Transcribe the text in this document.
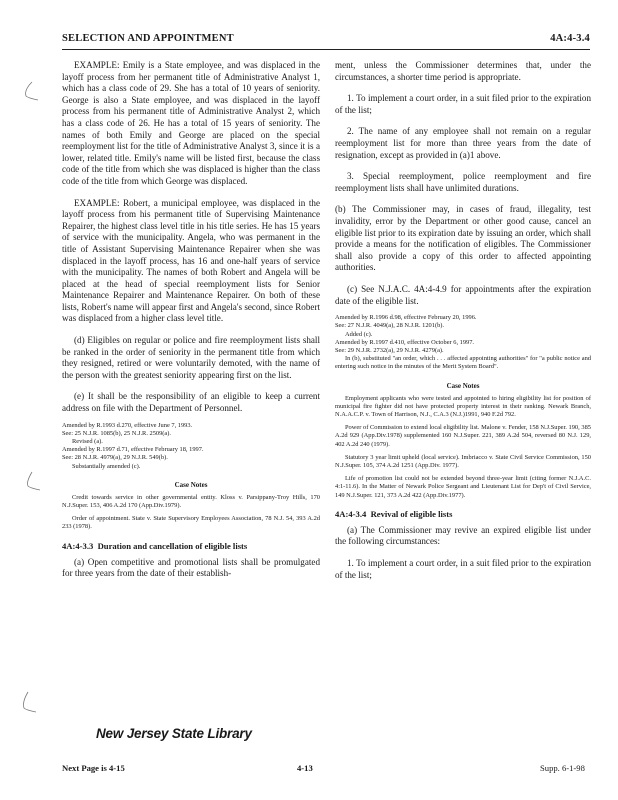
SELECTION AND APPOINTMENT	4A:4-3.4

EXAMPLE: Emily is a State employee, and was displaced in the layoff process from her permanent title of Administrative Analyst 1, which has a class code of 29. She has a total of 10 years of seniority. George is also a State employee, and was displaced in the layoff process from his permanent title of Administrative Analyst 2, which has a class code of 26. He has a total of 15 years of seniority. The names of both Emily and George are placed on the special reemployment list for the title of Administrative Analyst 3, since it is a lower, related title. Emily's name will be listed first, because the class code of the title from which she was displaced is higher than the class code of the title from which George was displaced.

EXAMPLE: Robert, a municipal employee, was displaced in the layoff process from his permanent title of Supervising Maintenance Repairer, the highest class level title in his title series. He has 15 years of service with the municipality. Angela, who was permanent in the title of Assistant Supervising Maintenance Repairer when she was displaced in the layoff process, has 16 and one-half years of service with the municipality. The names of both Robert and Angela will be placed at the head of special reemployment lists for Senior Maintenance Repairer and Maintenance Repairer. On both of these lists, Robert's name will appear first and Angela's second, since Robert was displaced from a higher class level title.

(d) Eligibles on regular or police and fire reemployment lists shall be ranked in the order of seniority in the permanent title from which they resigned, retired or were voluntarily demoted, with the name of the person with the greatest seniority appearing first on the list.

(e) It shall be the responsibility of an eligible to keep a current address on file with the Department of Personnel.

Amended by R.1993 d.270, effective June 7, 1993.

See: 25 N.J.R. 1085(b), 25 N.J.R. 2509(a).

Revised (a).

Amended by R.1997 d.71, effective February 18, 1997.

See: 28 N.J.R. 4979(a), 29 N.J.R. 549(b).

Substantially amended (c).

Case Notes

Credit towards service in other governmental entity. Kloss v. Parsippany-Troy Hills, 170 N.J.Super. 153, 406 A.2d 170 (App.Div.1979).

Order of appointment. State v. State Supervisory Employees Association, 78 N.J. 54, 393 A.2d 233 (1978).

4A:4-3.3 Duration and cancellation of eligible lists

(a) Open competitive and promotional lists shall be promulgated for three years from the date of their establish-

ment, unless the Commissioner determines that, under the circumstances, a shorter time period is appropriate.

1. To implement a court order, in a suit filed prior to the expiration of the list;

2. The name of any employee shall not remain on a regular reemployment list for more than three years from the date of resignation, except as provided in (a)1 above.

3. Special reemployment, police reemployment and fire reemployment lists shall have unlimited durations.

(b) The Commissioner may, in cases of fraud, illegality, test invalidity, error by the Department or other good cause, cancel an eligible list prior to its expiration date by issuing an order, which shall provide a means for the notification of eligibles. The Commissioner shall also provide a copy of this order to affected appointing authorities.

(c) See N.J.A.C. 4A:4-4.9 for appointments after the expiration date of the eligible list.

Amended by R.1996 d.98, effective February 20, 1996.

See: 27 N.J.R. 4049(a), 28 N.J.R. 1201(b).

Added (c).

Amended by R.1997 d.410, effective October 6, 1997.

See: 29 N.J.R. 2732(a), 29 N.J.R. 4279(a).

In (b), substituted "an order, which . . . affected appointing authorities" for "a public notice and entering such notice in the minutes of the Merit System Board".

Case Notes

Employment applicants who were tested and appointed to hiring eligibility list for position of municipal fire fighter did not have protected property interest in their ranking. Newark Branch, N.A.A.C.P. v. Town of Harrison, N.J., C.A.3 (N.J.)1991, 940 F.2d 792.

Power of Commission to extend local eligibility list. Malone v. Fender, 158 N.J.Super. 190, 385 A.2d 929 (App.Div.1978) supplemented 160 N.J.Super. 221, 389 A.2d 504, reversed 80 N.J. 129, 402 A.2d 240 (1979).

Statutory 3 year limit upheld (local service). Imbriacco v. State Civil Service Commission, 150 N.J.Super. 105, 374 A.2d 1251 (App.Div. 1977).

Life of promotion list could not be extended beyond three-year limit (citing former N.J.A.C. 4:1-11.6). In the Matter of Newark Police Sergeant and Lieutenant List for Dep't of Civil Service, 149 N.J.Super. 121, 373 A.2d 422 (App.Div.1977).

4A:4-3.4 Revival of eligible lists

(a) The Commissioner may revive an expired eligible list under the following circumstances:

1. To implement a court order, in a suit filed prior to the expiration of the list;

New Jersey State Library
Next Page is 4-15	4-13	Supp. 6-1-98
